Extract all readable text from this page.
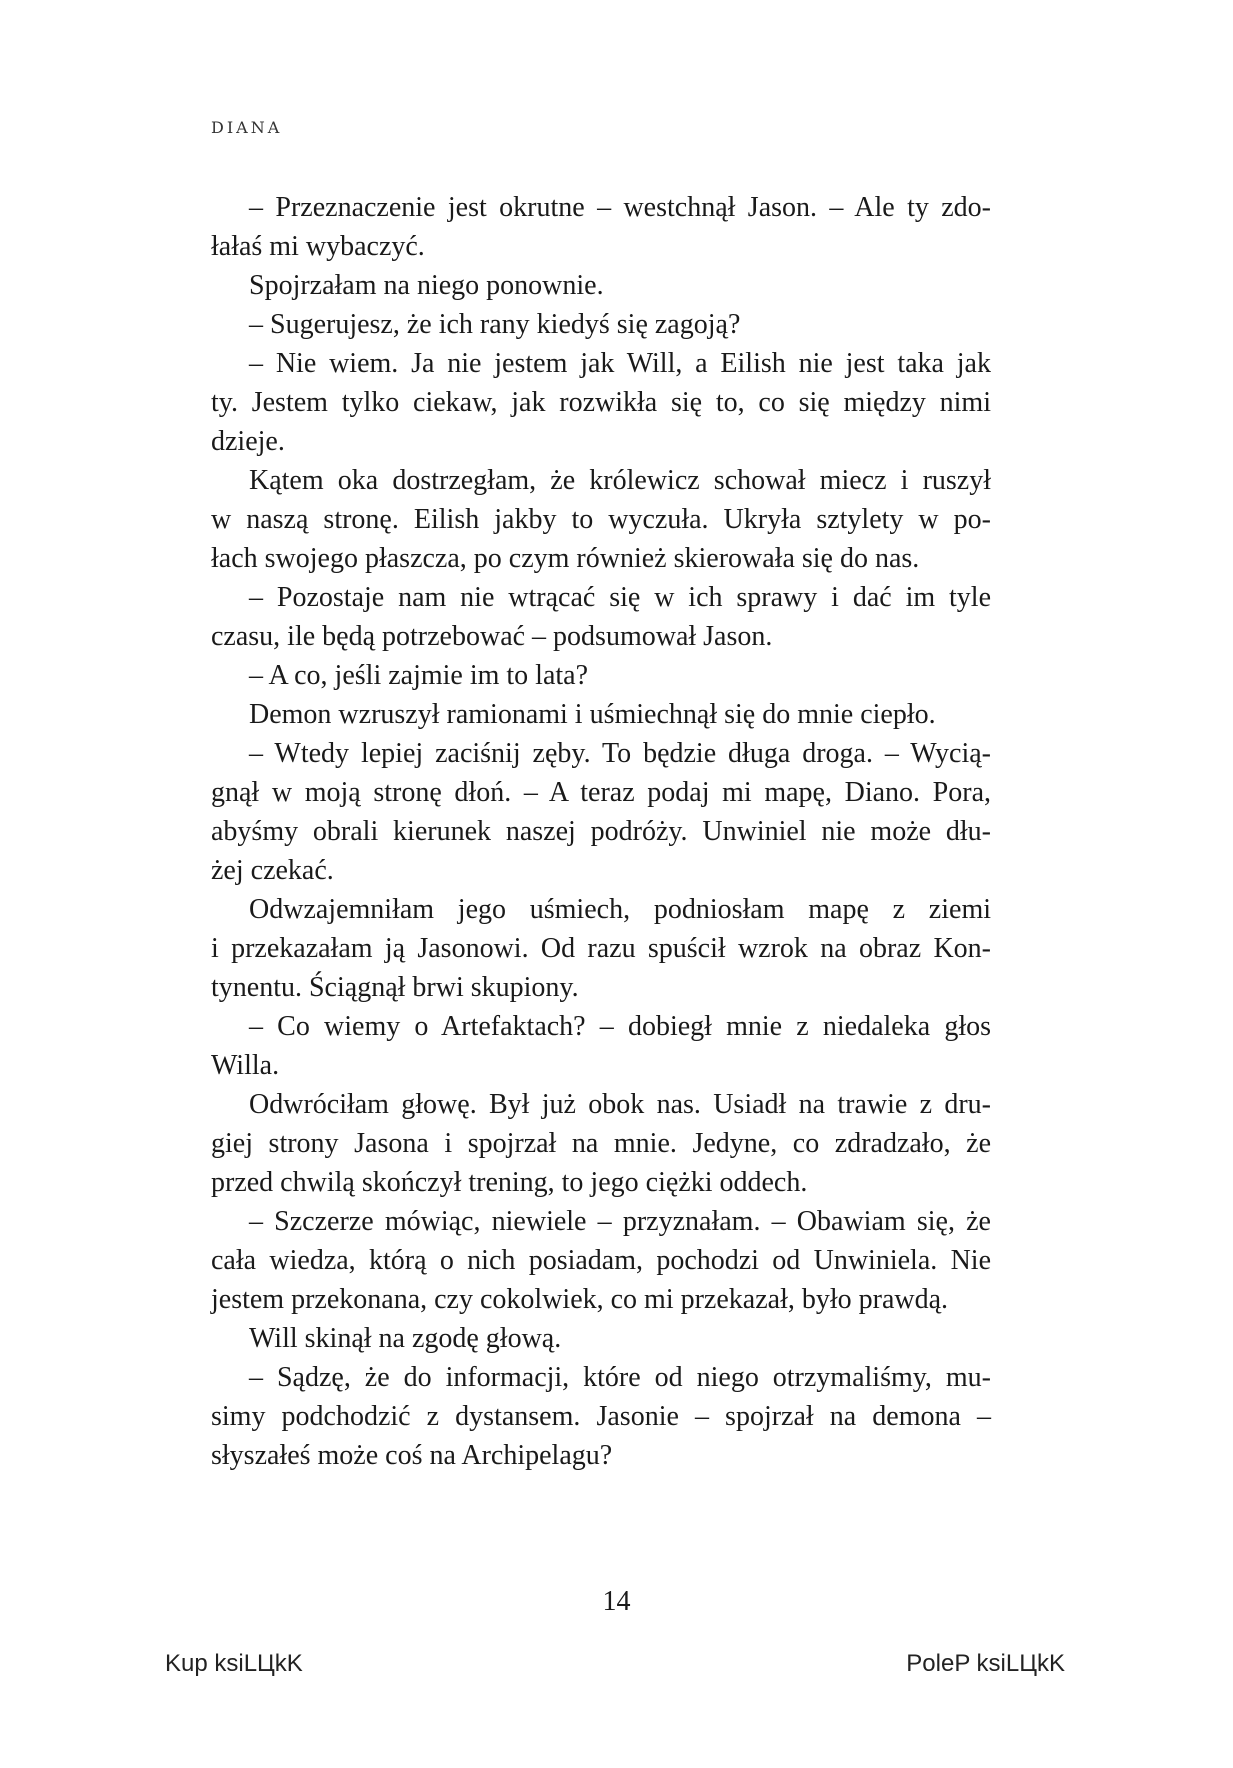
DIANA
– Przeznaczenie jest okrutne – westchnął Jason. – Ale ty zdo-
łałaś mi wybaczyć.
Spojrzałam na niego ponownie.
– Sugerujesz, że ich rany kiedyś się zagoją?
– Nie wiem. Ja nie jestem jak Will, a Eilish nie jest taka jak
ty. Jestem tylko ciekaw, jak rozwikła się to, co się między nimi
dzieje.
Kątem oka dostrzegłam, że królewicz schował miecz i ruszył
w naszą stronę. Eilish jakby to wyczuła. Ukryła sztylety w po-
łach swojego płaszcza, po czym również skierowała się do nas.
– Pozostaje nam nie wtrącać się w ich sprawy i dać im tyle
czasu, ile będą potrzebować – podsumował Jason.
– A co, jeśli zajmie im to lata?
Demon wzruszył ramionami i uśmiechnął się do mnie ciepło.
– Wtedy lepiej zaciśnij zęby. To będzie długa droga. – Wycią-
gnął w moją stronę dłoń. – A teraz podaj mi mapę, Diano. Pora,
abyśmy obrali kierunek naszej podróży. Unwiniel nie może dłu-
żej czekać.
Odwzajemniłam jego uśmiech, podniosłam mapę z ziemi
i przekazałam ją Jasonowi. Od razu spuścił wzrok na obraz Kon-
tynentu. Ściągnął brwi skupiony.
– Co wiemy o Artefaktach? – dobiegł mnie z niedaleka głos
Willa.
Odwróciłam głowę. Był już obok nas. Usiadł na trawie z dru-
giej strony Jasona i spojrzał na mnie. Jedyne, co zdradzało, że
przed chwilą skończył trening, to jego ciężki oddech.
– Szczerze mówiąc, niewiele – przyznałam. – Obawiam się, że
cała wiedza, którą o nich posiadam, pochodzi od Unwiniela. Nie
jestem przekonana, czy cokolwiek, co mi przekazał, było prawdą.
Will skinął na zgodę głową.
– Sądzę, że do informacji, które od niego otrzymaliśmy, mu-
simy podchodzić z dystansem. Jasonie – spojrzał na demona –
słyszałeś może coś na Archipelagu?
14
Kup ksiLЦkK	PoleP ksiLЦkK
